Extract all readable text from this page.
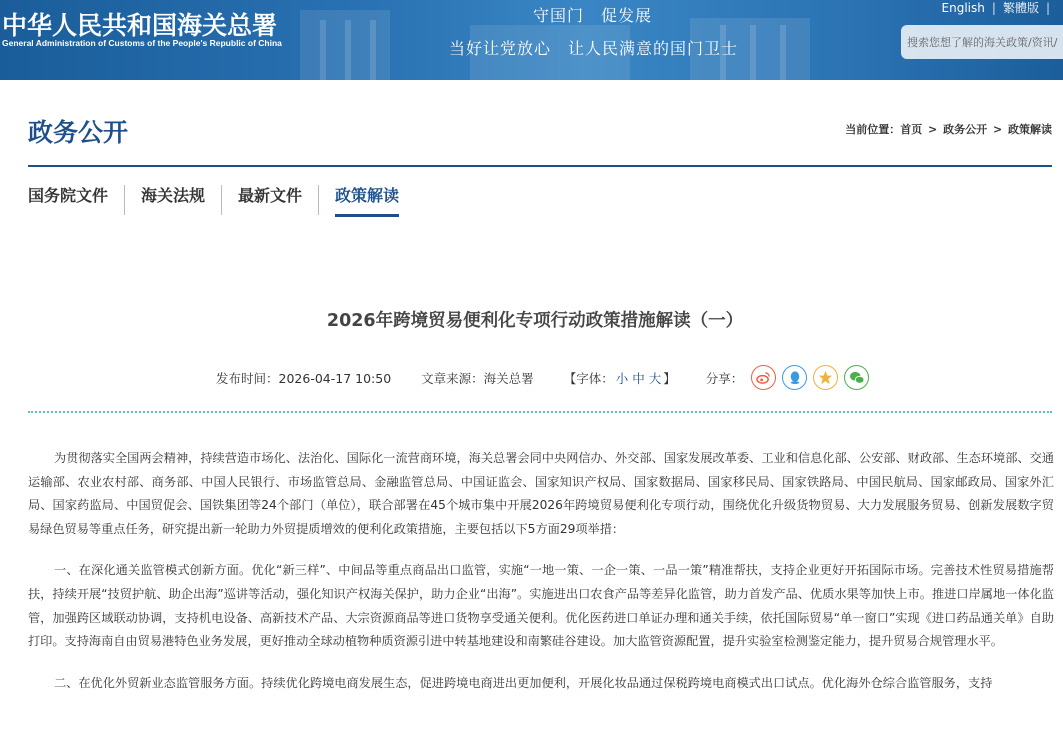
中华人民共和国海关总署
General Administration of Customs of the People's Republic of China
守国门　促发展
当好让党放心　让人民满意的国门卫士
English | 繁體版 |
搜索您想了解的海关政策/资讯/
政务公开	当前位置：首页 > 政务公开 > 政策解读
国务院文件	海关法规	最新文件	政策解读
2026年跨境贸易便利化专项行动政策措施解读（一）
发布时间：2026-04-17 10:50 文章来源：海关总署 【字体： 小 中 大 】 分享：

为贯彻落实全国两会精神，持续营造市场化、法治化、国际化一流营商环境，海关总署会同中央网信办、外交部、国家发展改革委、工业和信息化部、公安部、财政部、生态环境部、交通运输部、农业农村部、商务部、中国人民银行、市场监管总局、金融监管总局、中国证监会、国家知识产权局、国家数据局、国家移民局、国家铁路局、中国民航局、国家邮政局、国家外汇局、国家药监局、中国贸促会、国铁集团等24个部门（单位），联合部署在45个城市集中开展2026年跨境贸易便利化专项行动，围绕优化升级货物贸易、大力发展服务贸易、创新发展数字贸易绿色贸易等重点任务，研究提出新一轮助力外贸提质增效的便利化政策措施，主要包括以下5方面29项举措：

一、在深化通关监管模式创新方面。优化“新三样”、中间品等重点商品出口监管，实施“一地一策、一企一策、一品一策”精准帮扶，支持企业更好开拓国际市场。完善技术性贸易措施帮扶，持续开展“技贸护航、助企出海”巡讲等活动，强化知识产权海关保护，助力企业“出海”。实施进出口农食产品等差异化监管，助力首发产品、优质水果等加快上市。推进口岸属地一体化监管，加强跨区域联动协调，支持机电设备、高新技术产品、大宗资源商品等进口货物享受通关便利。优化医药进口单证办理和通关手续，依托国际贸易“单一窗口”实现《进口药品通关单》自助打印。支持海南自由贸易港特色业务发展，更好推动全球动植物种质资源引进中转基地建设和南繁硅谷建设。加大监管资源配置，提升实验室检测鉴定能力，提升贸易合规管理水平。

二、在优化外贸新业态监管服务方面。持续优化跨境电商发展生态，促进跨境电商进出更加便利，开展化妆品通过保税跨境电商模式出口试点。优化海外仓综合监管服务，支持
